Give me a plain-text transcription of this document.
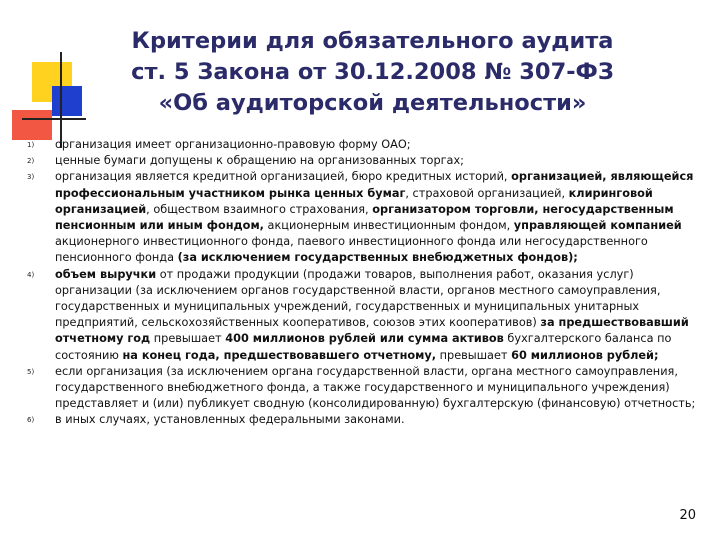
Критерии для обязательного аудита
ст. 5 Закона от 30.12.2008 № 307-ФЗ
«Об аудиторской деятельности»
1) организация имеет организационно-правовую форму ОАО;
2) ценные бумаги допущены к обращению на организованных торгах;
3) организация является кредитной организацией, бюро кредитных историй, организацией, являющейся профессиональным участником рынка ценных бумаг, страховой организацией, клиринговой организацией, обществом взаимного страхования, организатором торговли, негосударственным пенсионным или иным фондом, акционерным инвестиционным фондом, управляющей компанией акционерного инвестиционного фонда, паевого инвестиционного фонда или негосударственного пенсионного фонда (за исключением государственных внебюджетных фондов);
4) объем выручки от продажи продукции (продажи товаров, выполнения работ, оказания услуг) организации (за исключением органов государственной власти, органов местного самоуправления, государственных и муниципальных учреждений, государственных и муниципальных унитарных предприятий, сельскохозяйственных кооперативов, союзов этих кооперативов) за предшествовавший отчетному год превышает 400 миллионов рублей или сумма активов бухгалтерского баланса по состоянию на конец года, предшествовавшего отчетному, превышает 60 миллионов рублей;
5) если организация (за исключением органа государственной власти, органа местного самоуправления, государственного внебюджетного фонда, а также государственного и муниципального учреждения) представляет и (или) публикует сводную (консолидированную) бухгалтерскую (финансовую) отчетность;
6) в иных случаях, установленных федеральными законами.
20
